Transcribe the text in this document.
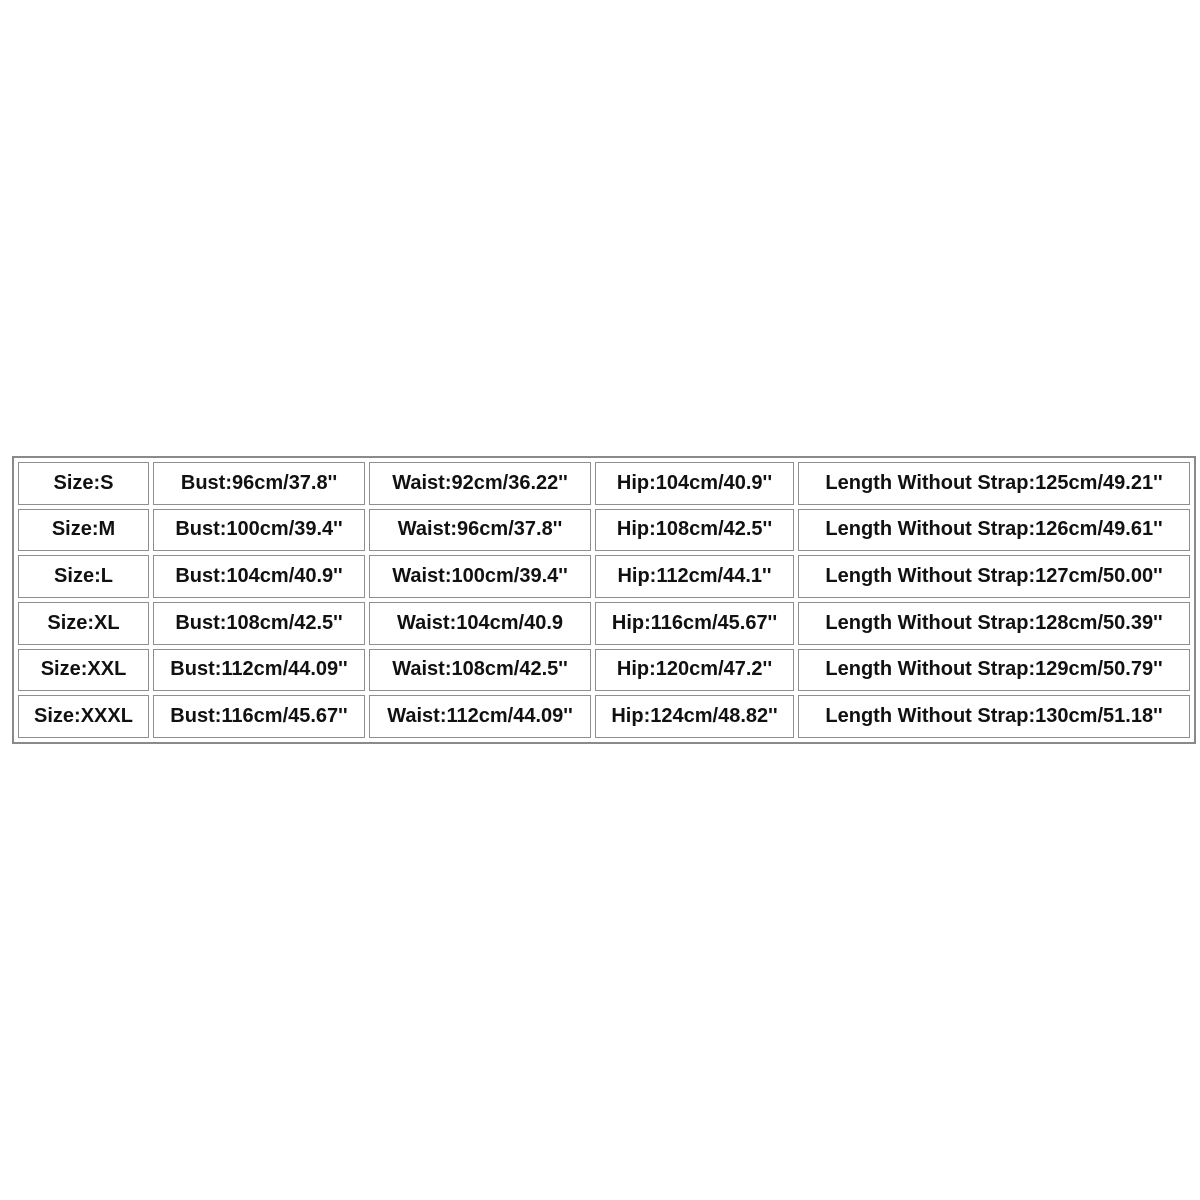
Size:S	Bust:96cm/37.8''	Waist:92cm/36.22''	Hip:104cm/40.9''	Length Without Strap:125cm/49.21''
Size:M	Bust:100cm/39.4''	Waist:96cm/37.8''	Hip:108cm/42.5''	Length Without Strap:126cm/49.61''
Size:L	Bust:104cm/40.9''	Waist:100cm/39.4''	Hip:112cm/44.1''	Length Without Strap:127cm/50.00''
Size:XL	Bust:108cm/42.5''	Waist:104cm/40.9	Hip:116cm/45.67''	Length Without Strap:128cm/50.39''
Size:XXL	Bust:112cm/44.09''	Waist:108cm/42.5''	Hip:120cm/47.2''	Length Without Strap:129cm/50.79''
Size:XXXL	Bust:116cm/45.67''	Waist:112cm/44.09''	Hip:124cm/48.82''	Length Without Strap:130cm/51.18''
